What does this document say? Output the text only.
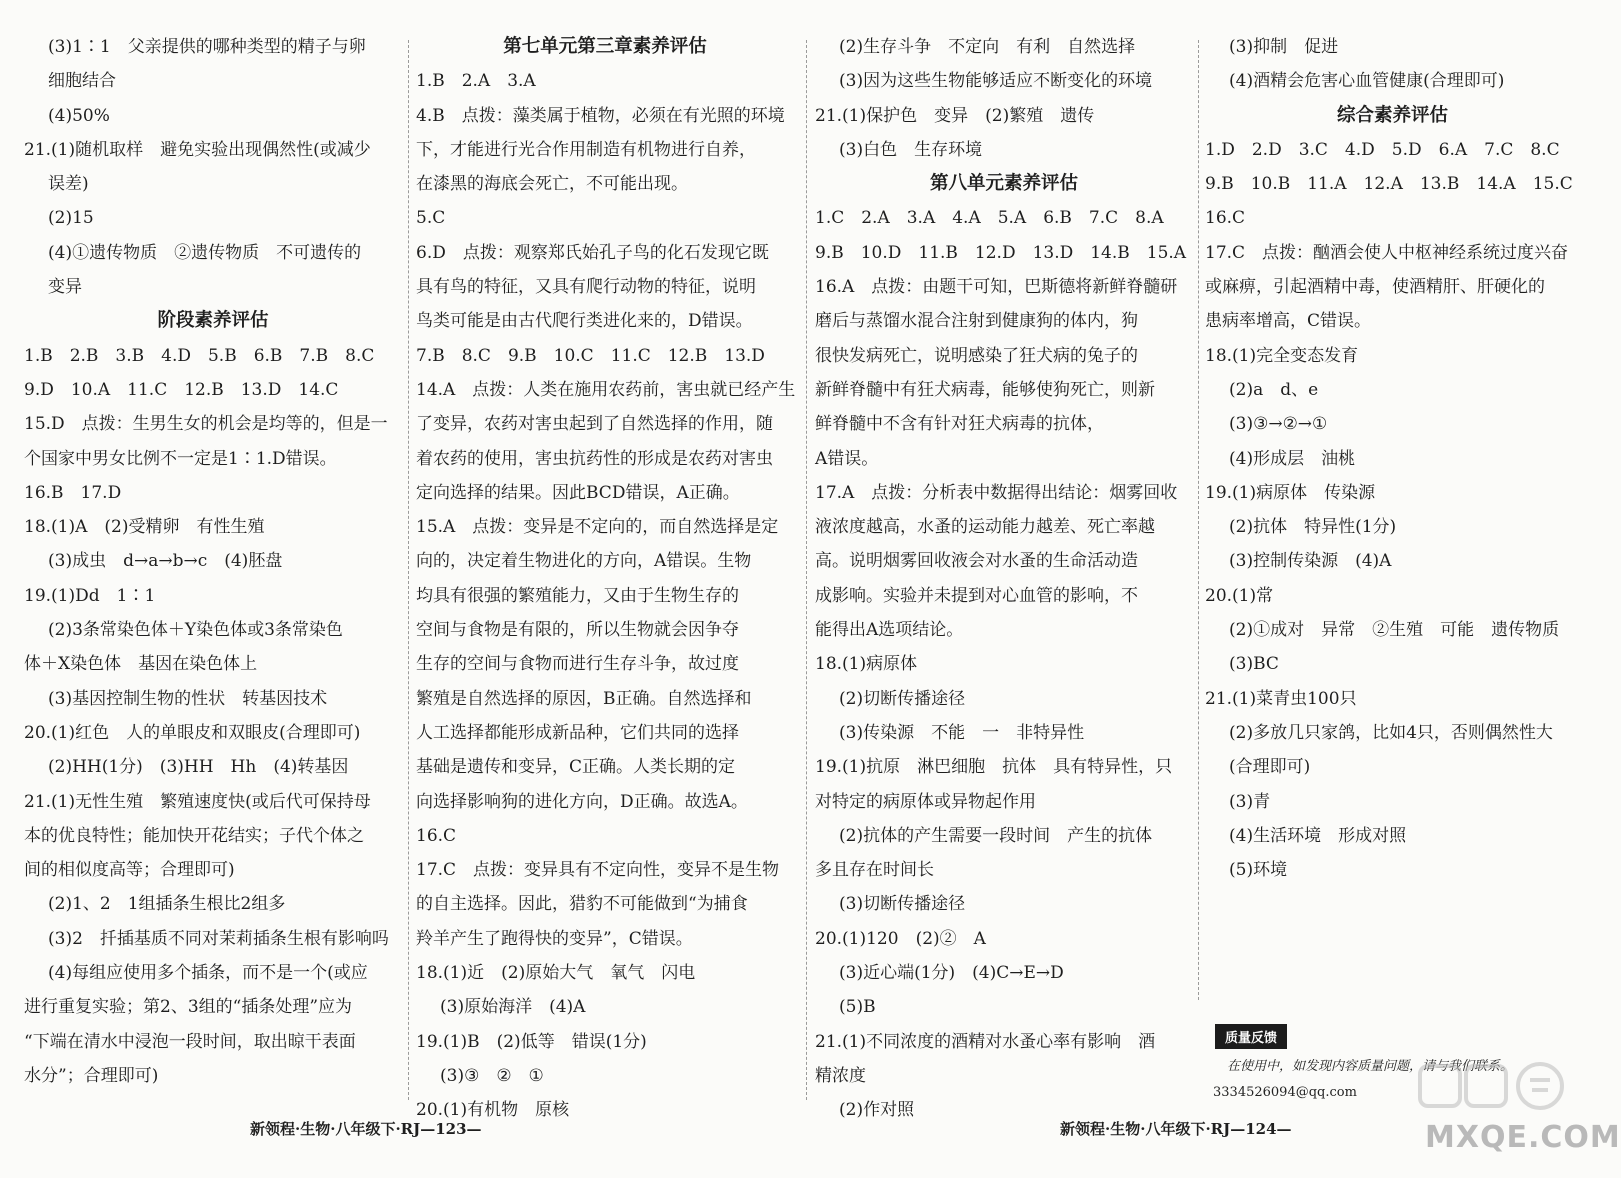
(3)1∶1　父亲提供的哪种类型的精子与卵
细胞结合
(4)50%
21.(1)随机取样　避免实验出现偶然性(或减少
误差)
(2)15
(4)①遗传物质　②遗传物质　不可遗传的
变异
阶段素养评估
1.B　2.B　3.B　4.D　5.B　6.B　7.B　8.C
9.D　10.A　11.C　12.B　13.D　14.C
15.D　点拨：生男生女的机会是均等的，但是一
个国家中男女比例不一定是1∶1.D错误。
16.B　17.D
18.(1)A　(2)受精卵　有性生殖
(3)成虫　d→a→b→c　(4)胚盘
19.(1)Dd　1∶1
(2)3条常染色体＋Y染色体或3条常染色
体＋X染色体　基因在染色体上
(3)基因控制生物的性状　转基因技术
20.(1)红色　人的单眼皮和双眼皮(合理即可)
(2)HH(1分)　(3)HH　Hh　(4)转基因
21.(1)无性生殖　繁殖速度快(或后代可保持母
本的优良特性；能加快开花结实；子代个体之
间的相似度高等；合理即可)
(2)1、2　1组插条生根比2组多
(3)2　扦插基质不同对茉莉插条生根有影响吗
(4)每组应使用多个插条，而不是一个(或应
进行重复实验；第2、3组的“插条处理”应为
“下端在清水中浸泡一段时间，取出晾干表面
水分”；合理即可)
第七单元第三章素养评估
1.B　2.A　3.A
4.B　点拨：藻类属于植物，必须在有光照的环境
下，才能进行光合作用制造有机物进行自养，
在漆黑的海底会死亡，不可能出现。
5.C
6.D　点拨：观察郑氏始孔子鸟的化石发现它既
具有鸟的特征，又具有爬行动物的特征，说明
鸟类可能是由古代爬行类进化来的，D错误。
7.B　8.C　9.B　10.C　11.C　12.B　13.D
14.A　点拨：人类在施用农药前，害虫就已经产生
了变异，农药对害虫起到了自然选择的作用，随
着农药的使用，害虫抗药性的形成是农药对害虫
定向选择的结果。因此BCD错误，A正确。
15.A　点拨：变异是不定向的，而自然选择是定
向的，决定着生物进化的方向，A错误。生物
均具有很强的繁殖能力，又由于生物生存的
空间与食物是有限的，所以生物就会因争夺
生存的空间与食物而进行生存斗争，故过度
繁殖是自然选择的原因，B正确。自然选择和
人工选择都能形成新品种，它们共同的选择
基础是遗传和变异，C正确。人类长期的定
向选择影响狗的进化方向，D正确。故选A。
16.C
17.C　点拨：变异具有不定向性，变异不是生物
的自主选择。因此，猎豹不可能做到“为捕食
羚羊产生了跑得快的变异”，C错误。
18.(1)近　(2)原始大气　氧气　闪电
(3)原始海洋　(4)A
19.(1)B　(2)低等　错误(1分)
(3)③　②　①
20.(1)有机物　原核
(2)生存斗争　不定向　有利　自然选择
(3)因为这些生物能够适应不断变化的环境
21.(1)保护色　变异　(2)繁殖　遗传
(3)白色　生存环境
第八单元素养评估
1.C　2.A　3.A　4.A　5.A　6.B　7.C　8.A
9.B　10.D　11.B　12.D　13.D　14.B　15.A
16.A　点拨：由题干可知，巴斯德将新鲜脊髓研
磨后与蒸馏水混合注射到健康狗的体内，狗
很快发病死亡，说明感染了狂犬病的兔子的
新鲜脊髓中有狂犬病毒，能够使狗死亡，则新
鲜脊髓中不含有针对狂犬病毒的抗体，
A错误。
17.A　点拨：分析表中数据得出结论：烟雾回收
液浓度越高，水蚤的运动能力越差、死亡率越
高。说明烟雾回收液会对水蚤的生命活动造
成影响。实验并未提到对心血管的影响，不
能得出A选项结论。
18.(1)病原体
(2)切断传播途径
(3)传染源　不能　一　非特异性
19.(1)抗原　淋巴细胞　抗体　具有特异性，只
对特定的病原体或异物起作用
(2)抗体的产生需要一段时间　产生的抗体
多且存在时间长
(3)切断传播途径
20.(1)120　(2)②　A
(3)近心端(1分)　(4)C→E→D
(5)B
21.(1)不同浓度的酒精对水蚤心率有影响　酒
精浓度
(2)作对照
(3)抑制　促进
(4)酒精会危害心血管健康(合理即可)
综合素养评估
1.D　2.D　3.C　4.D　5.D　6.A　7.C　8.C
9.B　10.B　11.A　12.A　13.B　14.A　15.C
16.C
17.C　点拨：酗酒会使人中枢神经系统过度兴奋
或麻痹，引起酒精中毒，使酒精肝、肝硬化的
患病率增高，C错误。
18.(1)完全变态发育
(2)a　d、e
(3)③→②→①
(4)形成层　油桃
19.(1)病原体　传染源
(2)抗体　特异性(1分)
(3)控制传染源　(4)A
20.(1)常
(2)①成对　异常　②生殖　可能　遗传物质
(3)BC
21.(1)菜青虫100只
(2)多放几只家鸽，比如4只，否则偶然性大
(合理即可)
(3)青
(4)生活环境　形成对照
(5)环境
新领程·生物·八年级下·RJ—123—	新领程·生物·八年级下·RJ—124—
质量反馈
在使用中，如发现内容质量问题，请与我们联系。
3334526094@qq.com
MXQE.COM
